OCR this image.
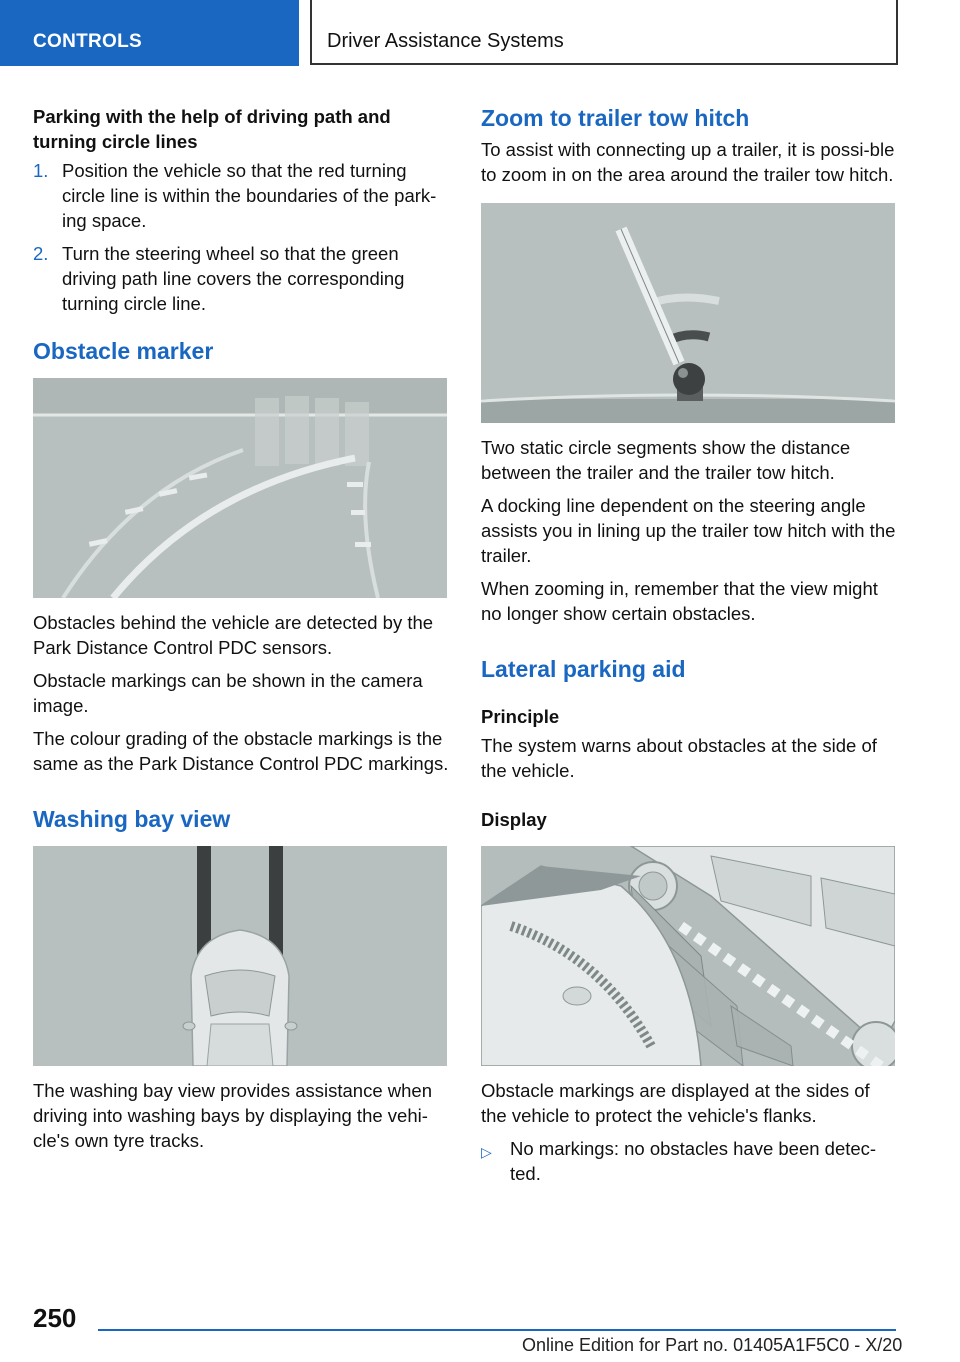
CONTROLS	Driver Assistance Systems

Parking with the help of driving path and turning circle lines

1. Position the vehicle so that the red turning circle line is within the boundaries of the park‐ing space.
2. Turn the steering wheel so that the green driving path line covers the corresponding turning circle line.
Obstacle marker

Obstacles behind the vehicle are detected by the Park Distance Control PDC sensors.

Obstacle markings can be shown in the camera image.

The colour grading of the obstacle markings is the same as the Park Distance Control PDC markings.

Washing bay view

The washing bay view provides assistance when driving into washing bays by displaying the vehi‐cle's own tyre tracks.

Zoom to trailer tow hitch

To assist with connecting up a trailer, it is possi‐ble to zoom in on the area around the trailer tow hitch.

Two static circle segments show the distance between the trailer and the trailer tow hitch.

A docking line dependent on the steering angle assists you in lining up the trailer tow hitch with the trailer.

When zooming in, remember that the view might no longer show certain obstacles.

Lateral parking aid

Principle

The system warns about obstacles at the side of the vehicle.

Display

Obstacle markings are displayed at the sides of the vehicle to protect the vehicle's flanks.

▷ No markings: no obstacles have been detec‐ted.
250
Online Edition for Part no. 01405A1F5C0 - X/20
